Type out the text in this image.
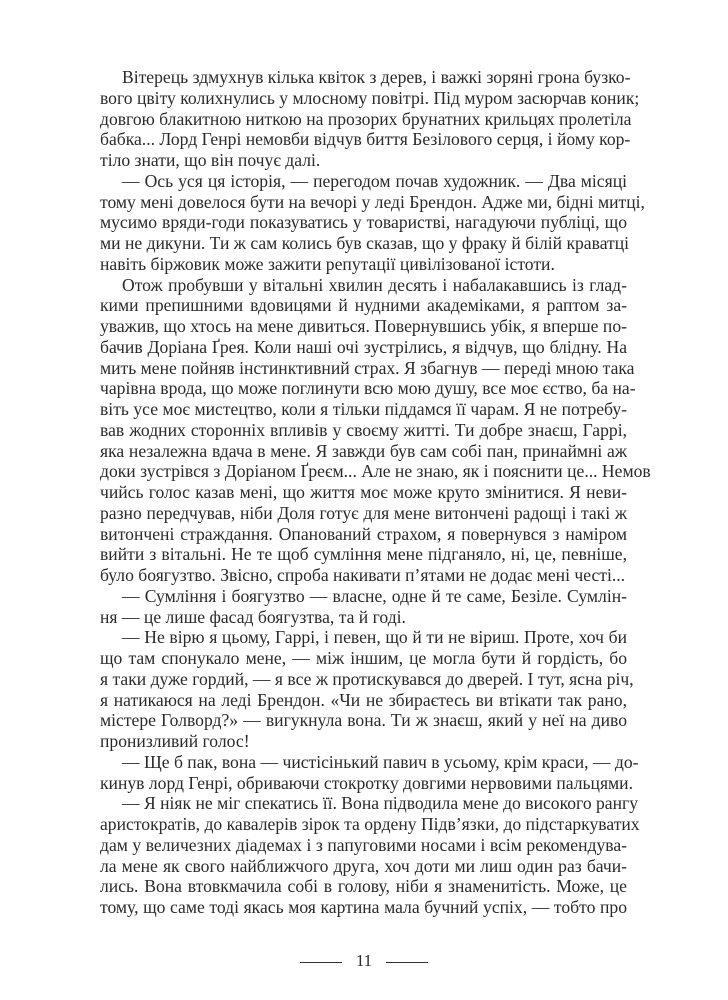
Вітерець здмухнув кілька квіток з дерев, і важкі зоряні грона бузко-
вого цвіту колихнулись у млосному повітрі. Під муром засюрчав коник;
довгою блакитною ниткою на прозорих брунатних крильцях пролетіла
бабка... Лорд Генрі немовби відчув биття Безілового серця, і йому кор-
тіло знати, що він почує далі.
— Ось уся ця історія, — перегодом почав художник. — Два місяці
тому мені довелося бути на вечорі у леді Брендон. Адже ми, бідні митці,
мусимо вряди-годи показуватись у товаристві, нагадуючи публіці, що
ми не дикуни. Ти ж сам колись був сказав, що у фраку й білій краватці
навіть біржовик може зажити репутації цивілізованої істоти.
Отож пробувши у вітальні хвилин десять і набалакавшись із глад-
кими препишними вдовицями й нудними академіками, я раптом за-
уважив, що хтось на мене дивиться. Повернувшись убік, я вперше по-
бачив Доріана Ґрея. Коли наші очі зустрілись, я відчув, що блідну. На
мить мене пойняв інстинктивний страх. Я збагнув — переді мною така
чарівна врода, що може поглинути всю мою душу, все моє єство, ба на-
віть усе моє мистецтво, коли я тільки піддамся її чарам. Я не потребу-
вав жодних сторонніх впливів у своєму житті. Ти добре знаєш, Гаррі,
яка незалежна вдача в мене. Я завжди був сам собі пан, принаймні аж
доки зустрівся з Доріаном Ґреєм... Але не знаю, як і пояснити це... Немов
чийсь голос казав мені, що життя моє може круто змінитися. Я неви-
разно передчував, ніби Доля готує для мене витончені радощі і такі ж
витончені страждання. Опанований страхом, я повернувся з наміром
вийти з вітальні. Не те щоб сумління мене підганяло, ні, це, певніше,
було боягузтво. Звісно, спроба накивати п’ятами не додає мені честі...
— Сумління і боягузтво — власне, одне й те саме, Безіле. Сумлін-
ня — це лише фасад боягузтва, та й годі.
— Не вірю я цьому, Гаррі, і певен, що й ти не віриш. Проте, хоч би
що там спонукало мене, — між іншим, це могла бути й гордість, бо
я таки дуже гордий, — я все ж протискувався до дверей. І тут, ясна річ,
я натикаюся на леді Брендон. «Чи не збираєтесь ви втікати так рано,
містере Голворд?» — вигукнула вона. Ти ж знаєш, який у неї на диво
пронизливий голос!
— Ще б пак, вона — чистісінький павич в усьому, крім краси, — до-
кинув лорд Генрі, обриваючи стокротку довгими нервовими пальцями.
— Я ніяк не міг спекатись її. Вона підводила мене до високого рангу
аристократів, до кавалерів зірок та ордену Підв’язки, до підстаркуватих
дам у величезних діадемах і з папуговими носами і всім рекомендува-
ла мене як свого найближчого друга, хоч доти ми лиш один раз бачи-
лись. Вона втовкмачила собі в голову, ніби я знаменитість. Може, це
тому, що саме тоді якась моя картина мала бучний успіх, — тобто про
11
